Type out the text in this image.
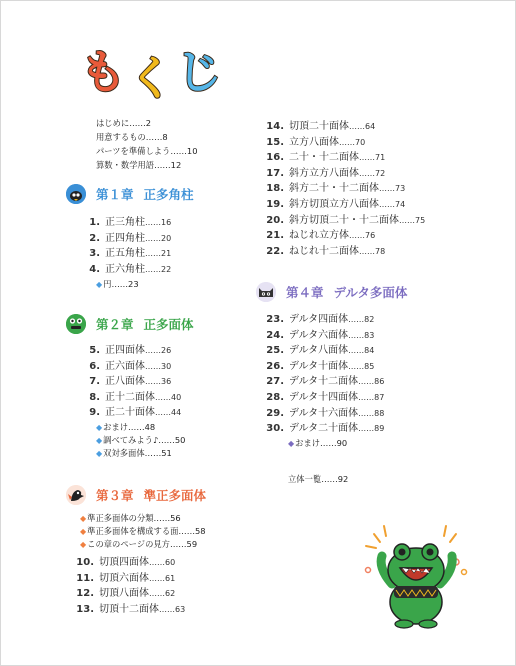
も く じ
はじめに……2
用意するもの……8
パーツを準備しよう……10
算数・数学用語……12
第１章 正多角柱
1. 正三角柱 ……16
2. 正四角柱 ……20
3. 正五角柱 ……21
4. 正六角柱 ……22
◆ 円……23
第２章 正多面体
5. 正四面体 ……26
6. 正六面体 ……30
7. 正八面体 ……36
8. 正十二面体 ……40
9. 正二十面体 ……44
◆ おまけ……48
◆ 調べてみよう♪……50
◆ 双対多面体……51
第３章 準正多面体
◆ 準正多面体の分類……56
◆ 準正多面体を構成する面……58
◆ この章のページの見方……59
10. 切頂四面体 ……60
11. 切頂六面体 ……61
12. 切頂八面体 ……62
13. 切頂十二面体 ……63
14. 切頂二十面体 ……64
15. 立方八面体 ……70
16. 二十・十二面体 ……71
17. 斜方立方八面体 ……72
18. 斜方二十・十二面体 ……73
19. 斜方切頂立方八面体 ……74
20. 斜方切頂二十・十二面体 ……75
21. ねじれ立方体 ……76
22. ねじれ十二面体 ……78
第４章 デルタ多面体
23. デルタ四面体 ……82
24. デルタ六面体 ……83
25. デルタ八面体 ……84
26. デルタ十面体 ……85
27. デルタ十二面体 ……86
28. デルタ十四面体 ……87
29. デルタ十六面体 ……88
30. デルタ二十面体 ……89
◆ おまけ……90
立体一覧……92
